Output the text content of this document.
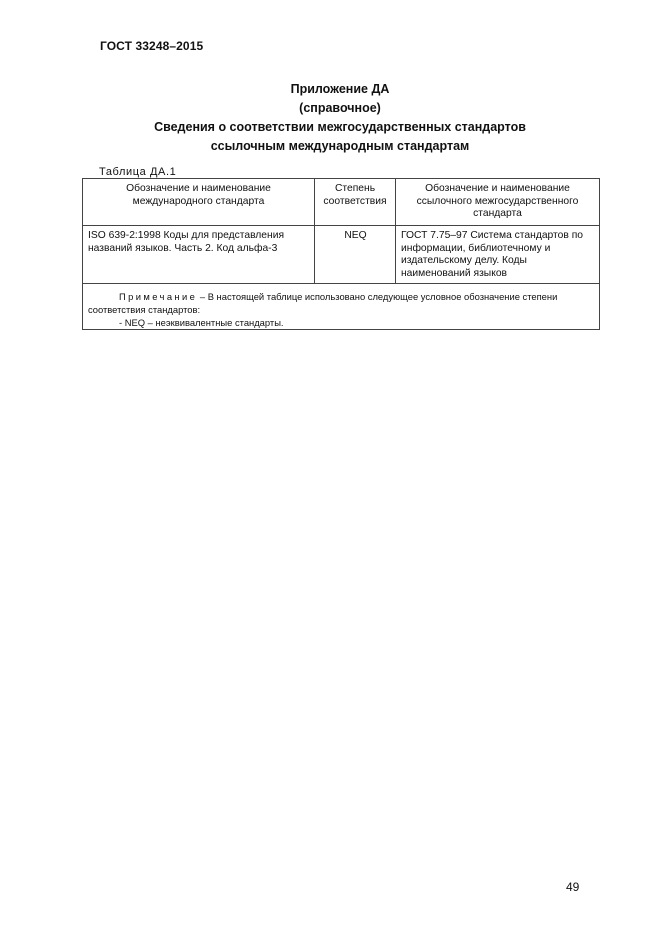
ГОСТ 33248–2015
Приложение ДА
(справочное)
Сведения о соответствии межгосударственных стандартов
ссылочным международным стандартам
Таблица ДА.1
Обозначение и наименование международного стандарта	Степень соответствия	Обозначение и наименование ссылочного межгосударственного стандарта

ISO 639-2:1998 Коды для представления названий языков. Часть 2. Код альфа-3	NEQ	ГОСТ 7.75–97 Система стандартов по информации, библиотечному и издательскому делу. Коды наименований языков

Примечание – В настоящей таблице использовано следующее условное обозначение степени соответствия стандартов:
- NEQ – неэквивалентные стандарты.		
49
